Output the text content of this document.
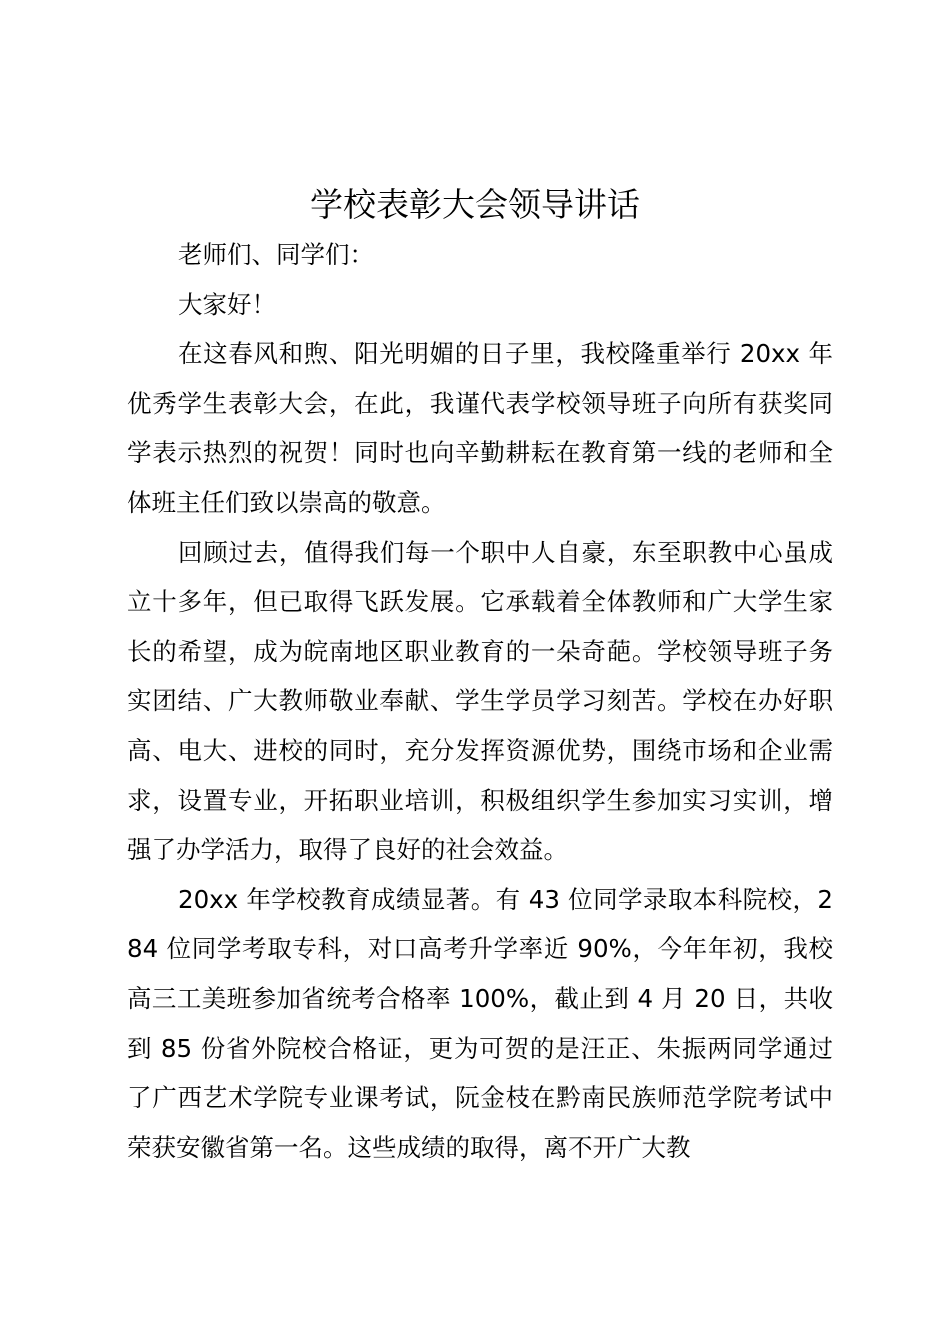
学校表彰大会领导讲话

老师们、同学们：

大家好！

在这春风和煦、阳光明媚的日子里，我校隆重举行 20xx 年优秀学生表彰大会，在此，我谨代表学校领导班子向所有获奖同学表示热烈的祝贺！同时也向辛勤耕耘在教育第一线的老师和全体班主任们致以崇高的敬意。

回顾过去，值得我们每一个职中人自豪，东至职教中心虽成立十多年，但已取得飞跃发展。它承载着全体教师和广大学生家长的希望，成为皖南地区职业教育的一朵奇葩。学校领导班子务实团结、广大教师敬业奉献、学生学员学习刻苦。学校在办好职高、电大、进校的同时，充分发挥资源优势，围绕市场和企业需求，设置专业，开拓职业培训，积极组织学生参加实习实训，增强了办学活力，取得了良好的社会效益。

20xx 年学校教育成绩显著。有 43 位同学录取本科院校，284 位同学考取专科，对口高考升学率近 90%，今年年初，我校高三工美班参加省统考合格率 100%，截止到 4 月 20 日，共收到 85 份省外院校合格证，更为可贺的是汪正、朱振两同学通过了广西艺术学院专业课考试，阮金枝在黔南民族师范学院考试中荣获安徽省第一名。这些成绩的取得，离不开广大教
